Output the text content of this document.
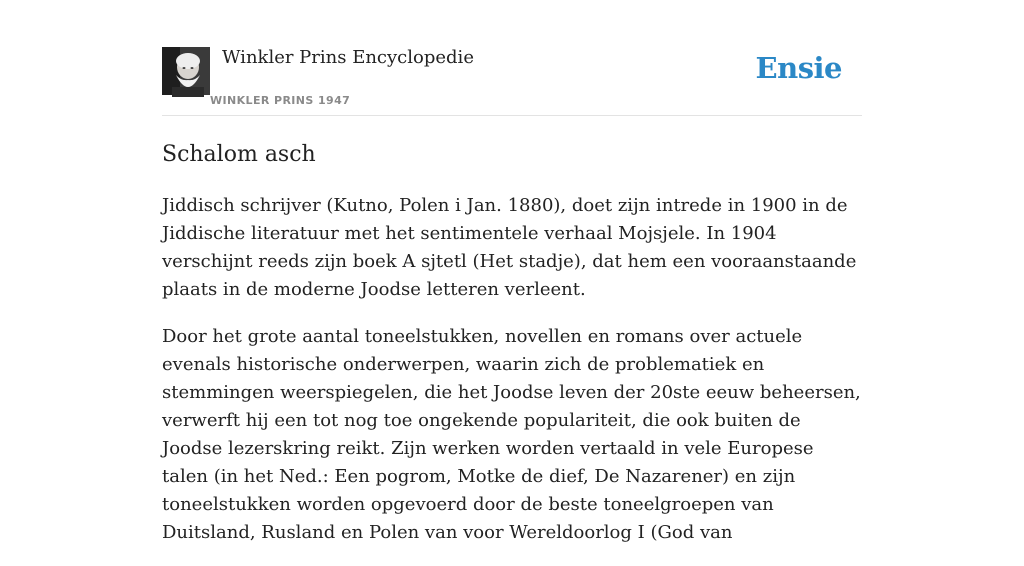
Winkler Prins Encyclopedie
WINKLER PRINS 1947
Ensie
Schalom asch

Jiddisch schrijver (Kutno, Polen i Jan. 1880), doet zijn intrede in 1900 in de Jiddische literatuur met het sentimentele verhaal Mojsjele. In 1904 verschijnt reeds zijn boek A sjtetl (Het stadje), dat hem een vooraanstaande plaats in de moderne Joodse letteren verleent.

Door het grote aantal toneelstukken, novellen en romans over actuele evenals historische onderwerpen, waarin zich de problematiek en stemmingen weerspiegelen, die het Joodse leven der 20ste eeuw beheersen, verwerft hij een tot nog toe ongekende populariteit, die ook buiten de Joodse lezerskring reikt. Zijn werken worden vertaald in vele Europese talen (in het Ned.: Een pogrom, Motke de dief, De Nazarener) en zijn toneelstukken worden opgevoerd door de beste toneelgroepen van Duitsland, Rusland en Polen van voor Wereldoorlog I (God van
